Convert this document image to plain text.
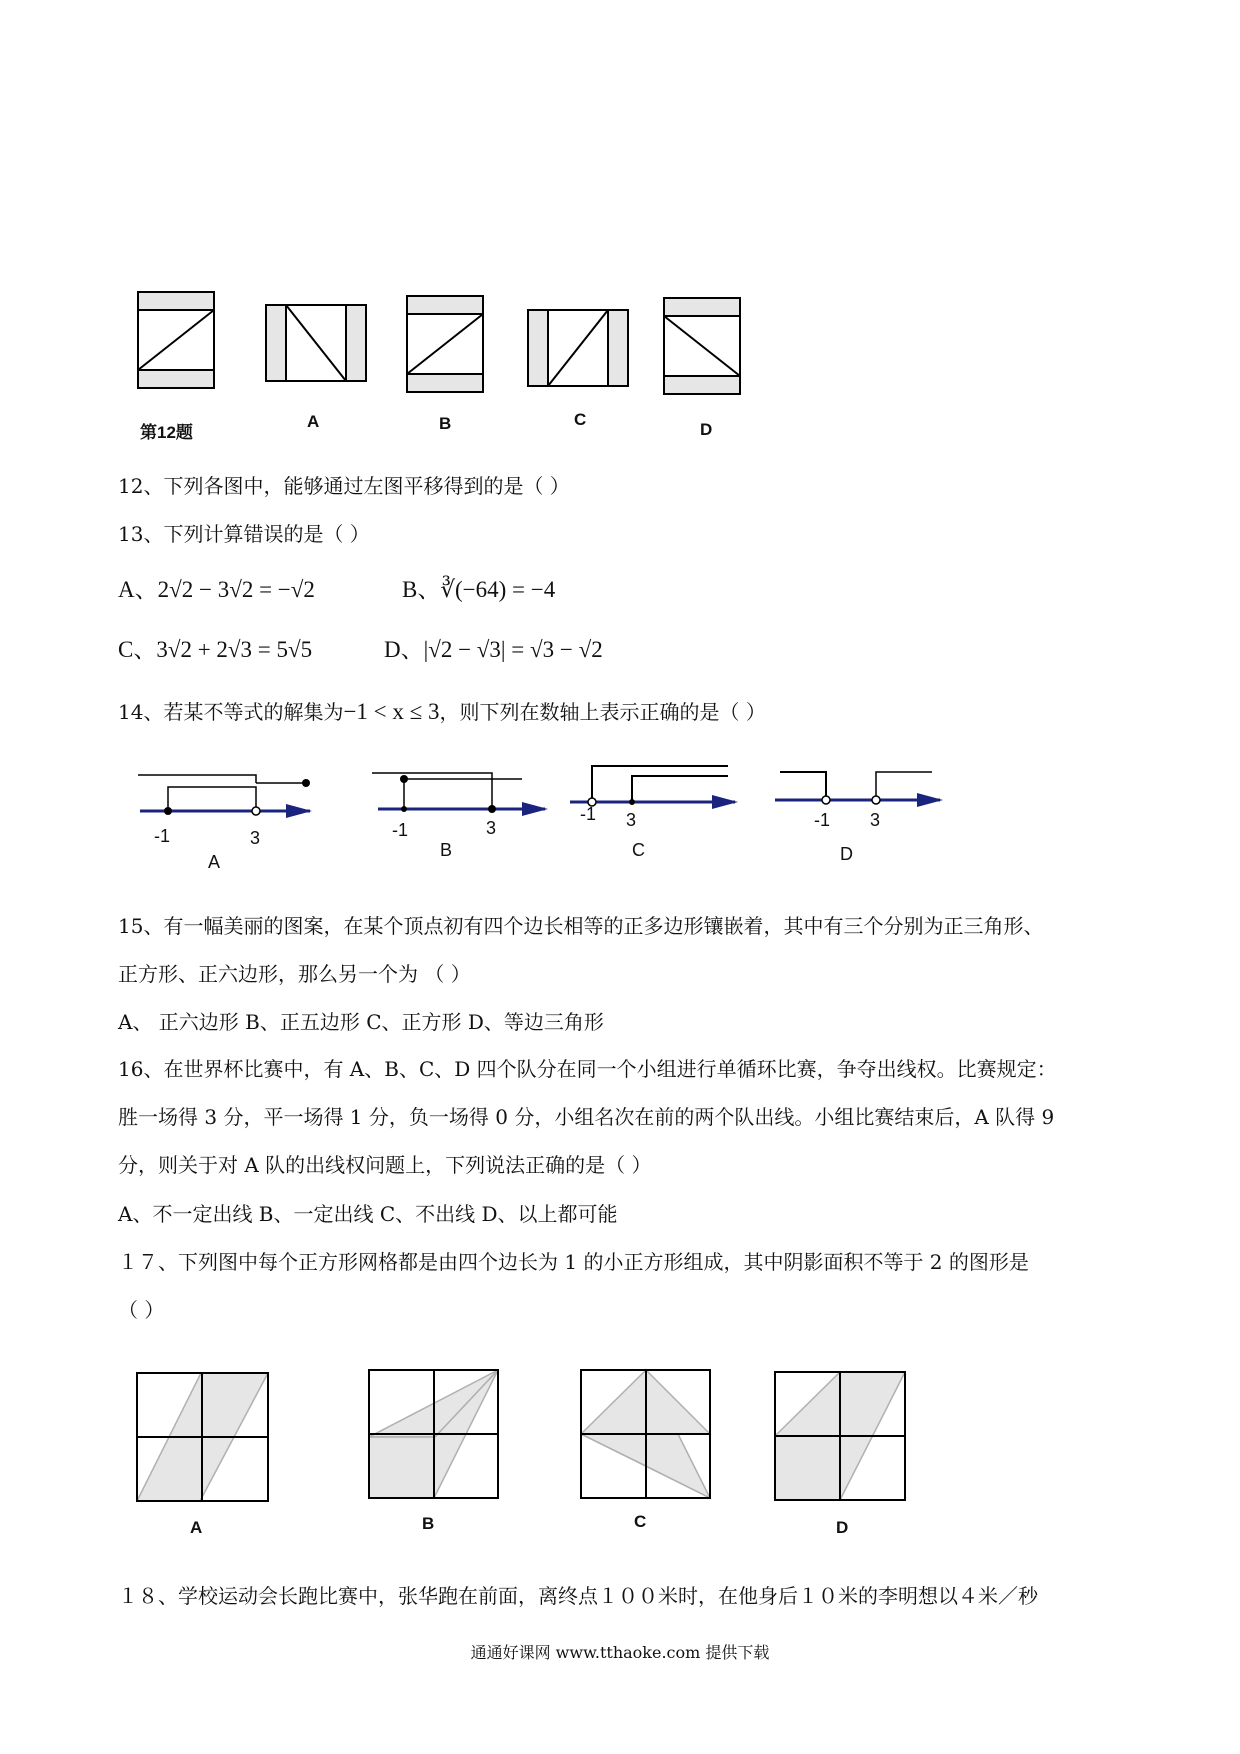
第12题
A	B	C
D
12、下列各图中，能够通过左图平移得到的是（ ）
13、下列计算错误的是（ ）
A、2√2 − 3√2 = −√2	B、∛(−64) = −4
C、3√2 + 2√3 = 5√5	D、|√2 − √3| = √3 − √2
14、若某不等式的解集为−1 < x ≤ 3，则下列在数轴上表示正确的是（ ）
-1	3	-1	3
-1 3	-1 3
A
B	C	D
15、有一幅美丽的图案，在某个顶点初有四个边长相等的正多边形镶嵌着，其中有三个分别为正三角形、
正方形、正六边形，那么另一个为 （ ）
A、 正六边形 B、正五边形 C、正方形 D、等边三角形
16、在世界杯比赛中，有 A、B、C、D 四个队分在同一个小组进行单循环比赛，争夺出线权。比赛规定：
胜一场得 3 分，平一场得 1 分，负一场得 0 分，小组名次在前的两个队出线。小组比赛结束后，A 队得 9
分，则关于对 A 队的出线权问题上，下列说法正确的是（ ）
A、不一定出线 B、一定出线 C、不出线 D、以上都可能
１７、下列图中每个正方形网格都是由四个边长为 1 的小正方形组成，其中阴影面积不等于 2 的图形是
（ ）
A	B	C	D
１８、学校运动会长跑比赛中，张华跑在前面，离终点１００米时，在他身后１０米的李明想以４米／秒
通通好课网 www.tthaoke.com 提供下载
